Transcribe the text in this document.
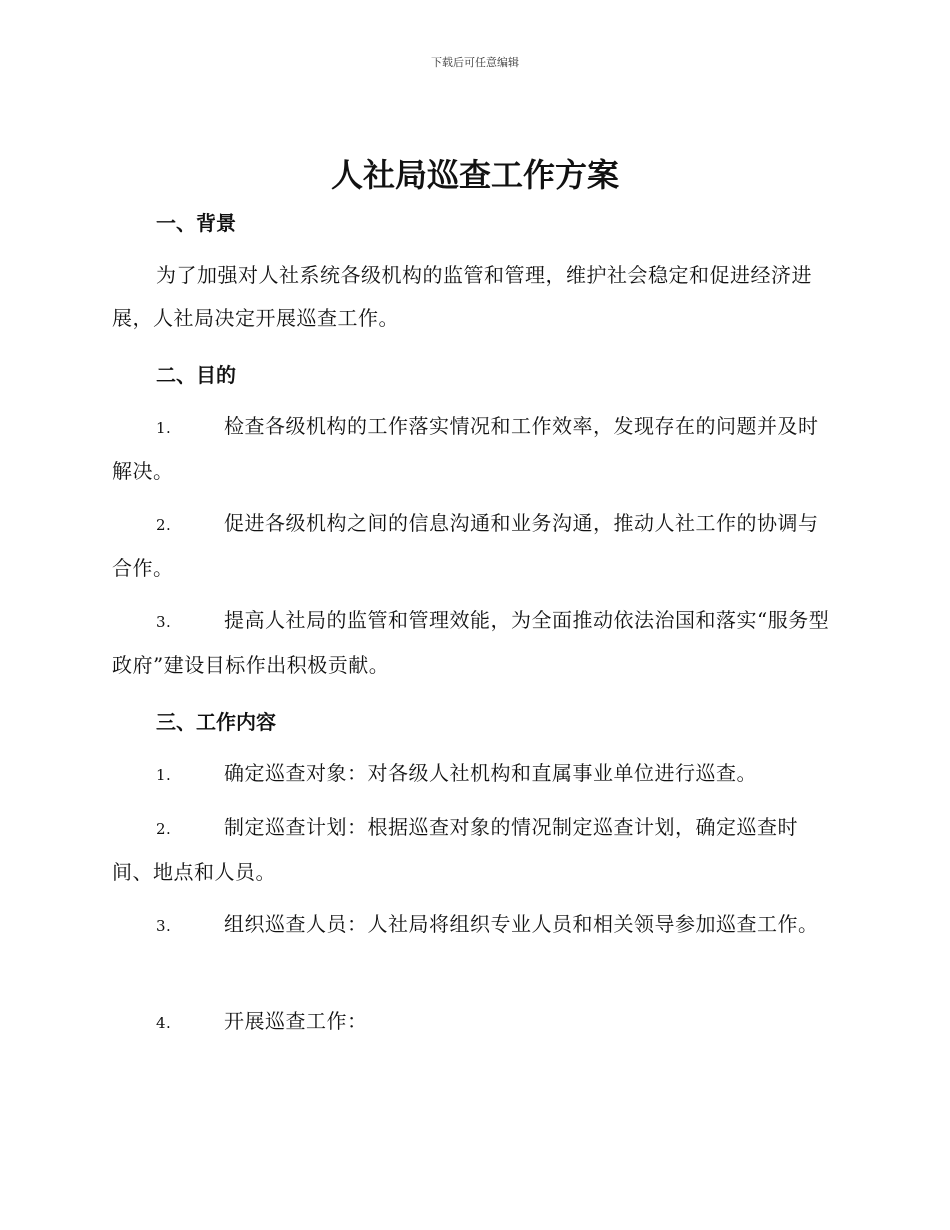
下载后可任意编辑
人社局巡查工作方案
一、背景

为了加强对人社系统各级机构的监管和管理，维护社会稳定和促进经济进展，人社局决定开展巡查工作。

二、目的

1.	检查各级机构的工作落实情况和工作效率，发现存在的问题并及时解决。

2.	促进各级机构之间的信息沟通和业务沟通，推动人社工作的协调与合作。

3.	提高人社局的监管和管理效能，为全面推动依法治国和落实“服务型政府”建设目标作出积极贡献。

三、工作内容

1.	确定巡查对象：对各级人社机构和直属事业单位进行巡查。

2.	制定巡查计划：根据巡查对象的情况制定巡查计划，确定巡查时间、地点和人员。

3.	组织巡查人员：人社局将组织专业人员和相关领导参加巡查工作。

4.	开展巡查工作：
